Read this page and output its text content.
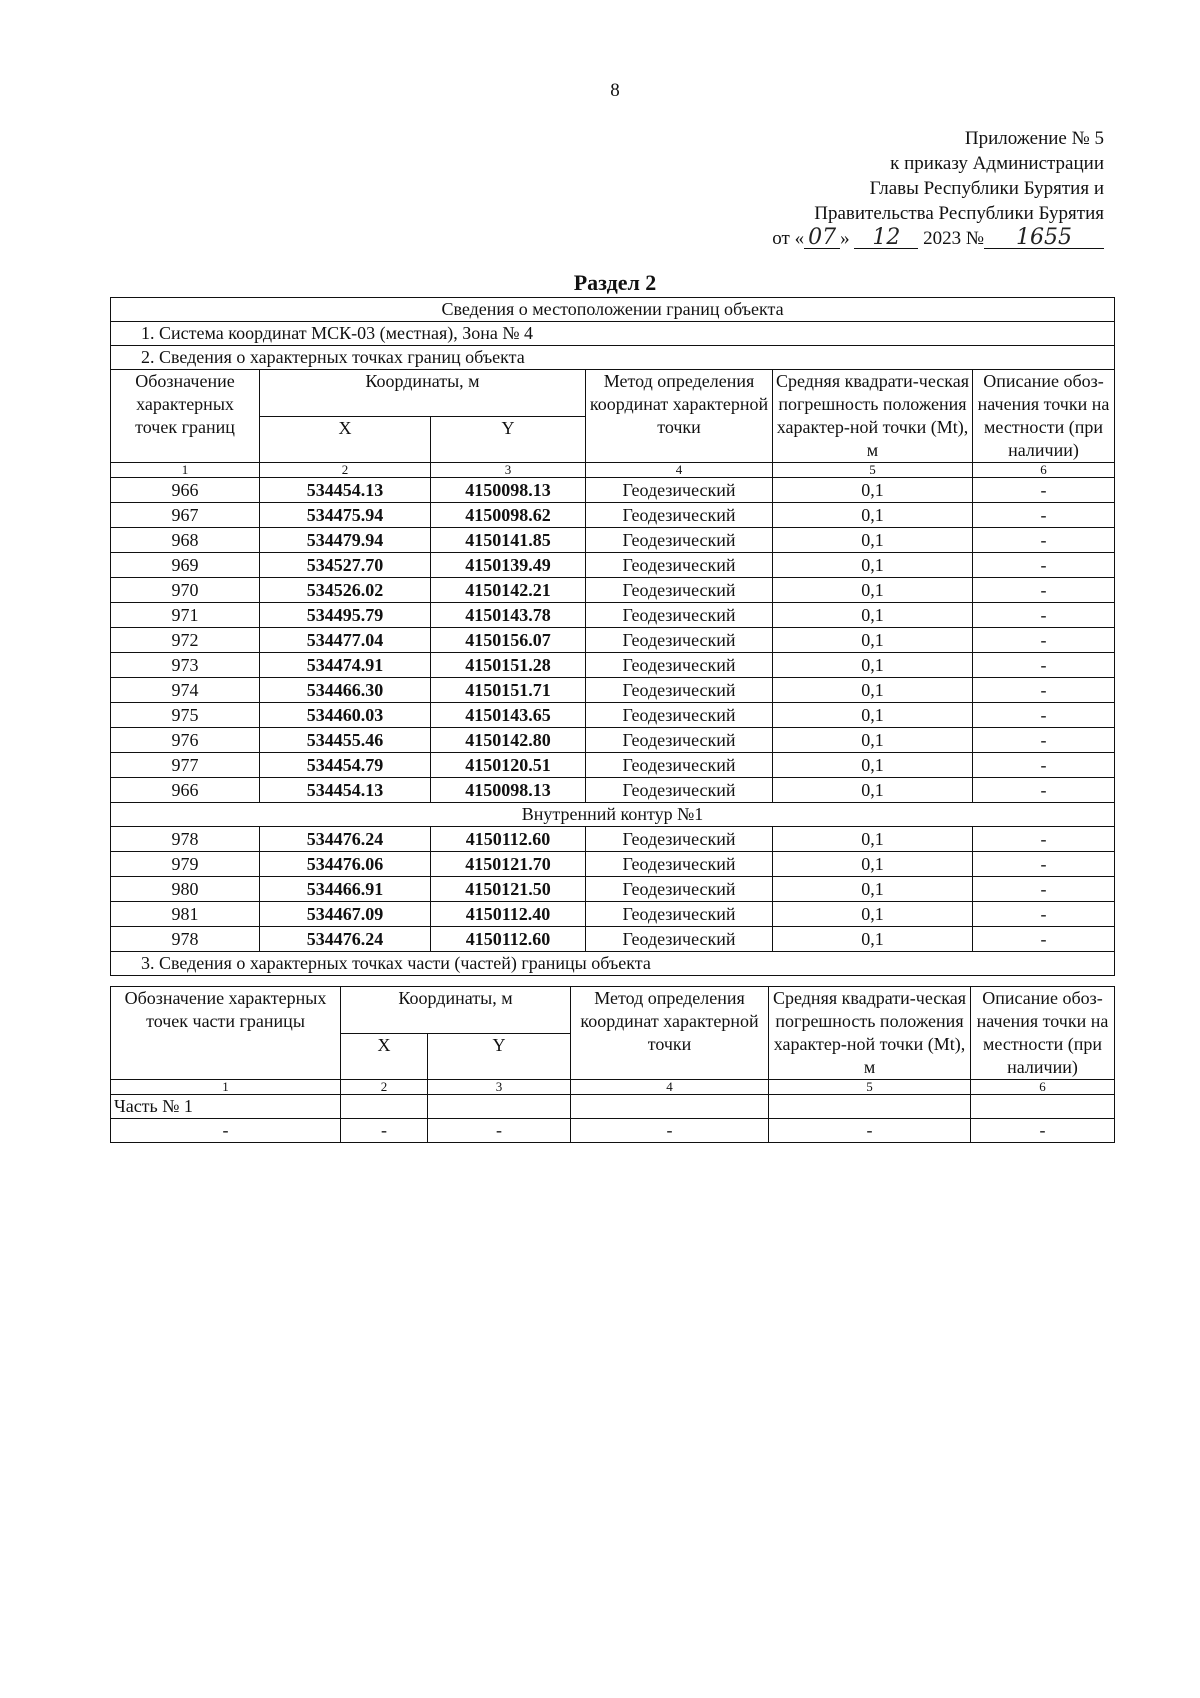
8
Приложение № 5
к приказу Администрации
Главы Республики Бурятия и
Правительства Республики Бурятия
от « 07 » 12 2023 № 1655
Раздел 2
Сведения о местоположении границ объекта					
1. Система координат МСК-03 (местная), Зона № 4					
2. Сведения о характерных точках границ объекта					
Обозначение характерных точек границ	Координаты, м		Метод определения координат характерной точки	Средняя квадрати-ческая погрешность положения характер-ной точки (Mt), м	Описание обоз-начения точки на местности (при наличии)
	X	Y			
1	2	3	4	5	6
966	534454.13	4150098.13	Геодезический	0,1	-
967	534475.94	4150098.62	Геодезический	0,1	-
968	534479.94	4150141.85	Геодезический	0,1	-
969	534527.70	4150139.49	Геодезический	0,1	-
970	534526.02	4150142.21	Геодезический	0,1	-
971	534495.79	4150143.78	Геодезический	0,1	-
972	534477.04	4150156.07	Геодезический	0,1	-
973	534474.91	4150151.28	Геодезический	0,1	-
974	534466.30	4150151.71	Геодезический	0,1	-
975	534460.03	4150143.65	Геодезический	0,1	-
976	534455.46	4150142.80	Геодезический	0,1	-
977	534454.79	4150120.51	Геодезический	0,1	-
966	534454.13	4150098.13	Геодезический	0,1	-
Внутренний контур №1					
978	534476.24	4150112.60	Геодезический	0,1	-
979	534476.06	4150121.70	Геодезический	0,1	-
980	534466.91	4150121.50	Геодезический	0,1	-
981	534467.09	4150112.40	Геодезический	0,1	-
978	534476.24	4150112.60	Геодезический	0,1	-
3. Сведения о характерных точках части (частей) границы объекта					
Обозначение характерных точек части границы	Координаты, м		Метод определения координат характерной точки	Средняя квадрати-ческая погрешность положения характер-ной точки (Mt), м	Описание обоз-начения точки на местности (при наличии)
	X	Y			
1	2	3	4	5	6
Часть № 1					
-	-	-	-	-	-
